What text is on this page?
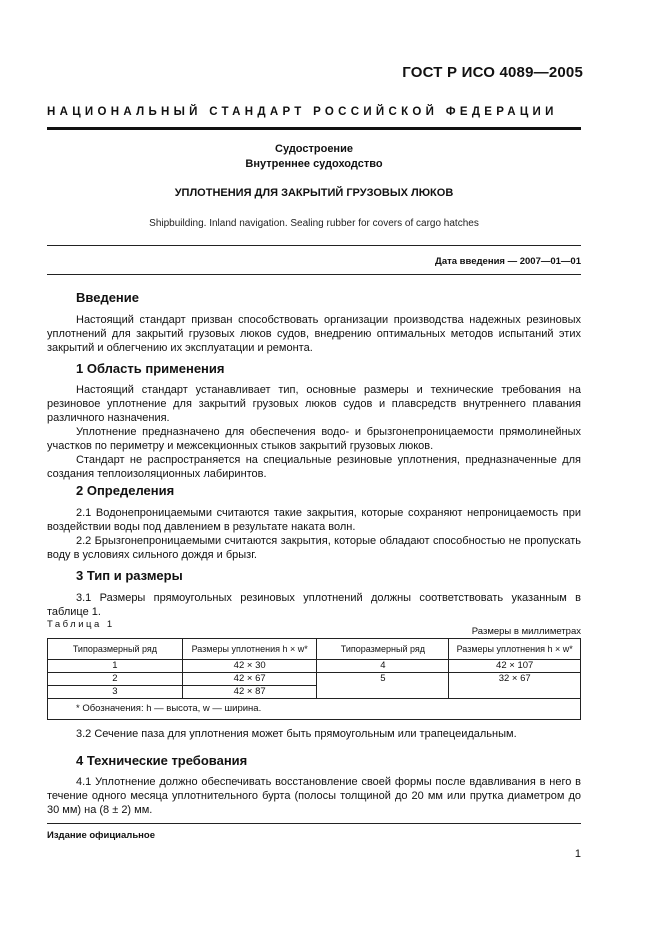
ГОСТ Р ИСО 4089—2005
НАЦИОНАЛЬНЫЙ СТАНДАРТ РОССИЙСКОЙ ФЕДЕРАЦИИ
Судостроение
Внутреннее судоходство
УПЛОТНЕНИЯ ДЛЯ ЗАКРЫТИЙ ГРУЗОВЫХ ЛЮКОВ
Shipbuilding. Inland navigation. Sealing rubber for covers of cargo hatches
Дата введения — 2007—01—01
Введение

Настоящий стандарт призван способствовать организации производства надежных резиновых уплотнений для закрытий грузовых люков судов, внедрению оптимальных методов испытаний этих закрытий и облегчению их эксплуатации и ремонта.

1 Область применения

Настоящий стандарт устанавливает тип, основные размеры и технические требования на резиновое уплотнение для закрытий грузовых люков судов и плавсредств внутреннего плавания различного назначения.

Уплотнение предназначено для обеспечения водо- и брызгонепроницаемости прямолинейных участков по периметру и межсекционных стыков закрытий грузовых люков.

Стандарт не распространяется на специальные резиновые уплотнения, предназначенные для создания теплоизоляционных лабиринтов.

2 Определения

2.1 Водонепроницаемыми считаются такие закрытия, которые сохраняют непроницаемость при воздействии воды под давлением в результате наката волн.

2.2 Брызгонепроницаемыми считаются закрытия, которые обладают способностью не пропускать воду в условиях сильного дождя и брызг.

3 Тип и размеры

3.1 Размеры прямоугольных резиновых уплотнений должны соответствовать указанным в таблице 1.

Таблица 1
Размеры в миллиметрах
Типоразмерный ряд	Размеры уплотнения h × w*	Типоразмерный ряд	Размеры уплотнения h × w*
1	42 × 30	4	42 × 107
2	42 × 67	5	32 × 67
3	42 × 87		
* Обозначения: h — высота, w — ширина.			

3.2 Сечение паза для уплотнения может быть прямоугольным или трапецеидальным.

4 Технические требования

4.1 Уплотнение должно обеспечивать восстановление своей формы после вдавливания в него в течение одного месяца уплотнительного бурта (полосы толщиной до 20 мм или прутка диаметром до 30 мм) на (8 ± 2) мм.

Издание официальное
1
